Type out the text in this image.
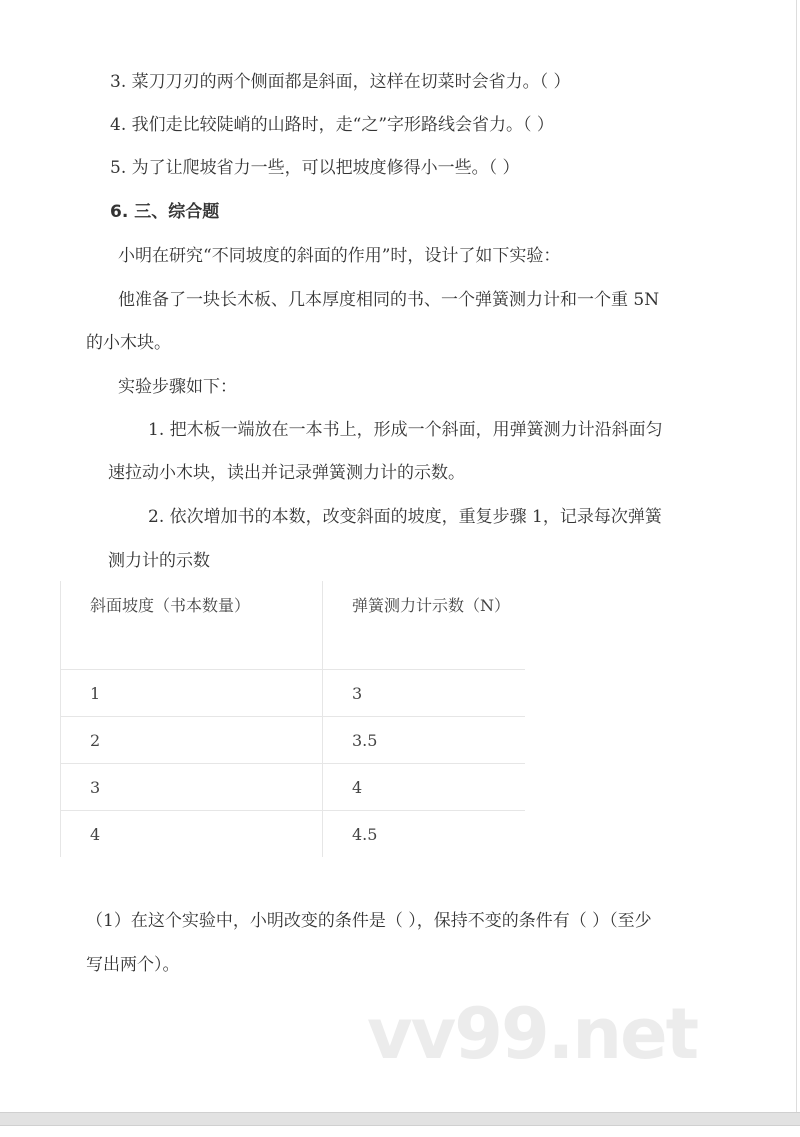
3. 菜刀刀刃的两个侧面都是斜面，这样在切菜时会省力。（ ）
4. 我们走比较陡峭的山路时，走“之”字形路线会省力。（ ）
5. 为了让爬坡省力一些，可以把坡度修得小一些。（ ）
6. 三、综合题
小明在研究“不同坡度的斜面的作用”时，设计了如下实验：
他准备了一块长木板、几本厚度相同的书、一个弹簧测力计和一个重 5N
的小木块。
实验步骤如下：
1. 把木板一端放在一本书上，形成一个斜面，用弹簧测力计沿斜面匀
速拉动小木块，读出并记录弹簧测力计的示数。
2. 依次增加书的本数，改变斜面的坡度，重复步骤 1，记录每次弹簧
测力计的示数
斜面坡度（书本数量）	弹簧测力计示数（N）
1	3
2	3.5
3	4
4	4.5
（1）在这个实验中，小明改变的条件是（ ），保持不变的条件有（ ）（至少
写出两个）。
vv99.net
